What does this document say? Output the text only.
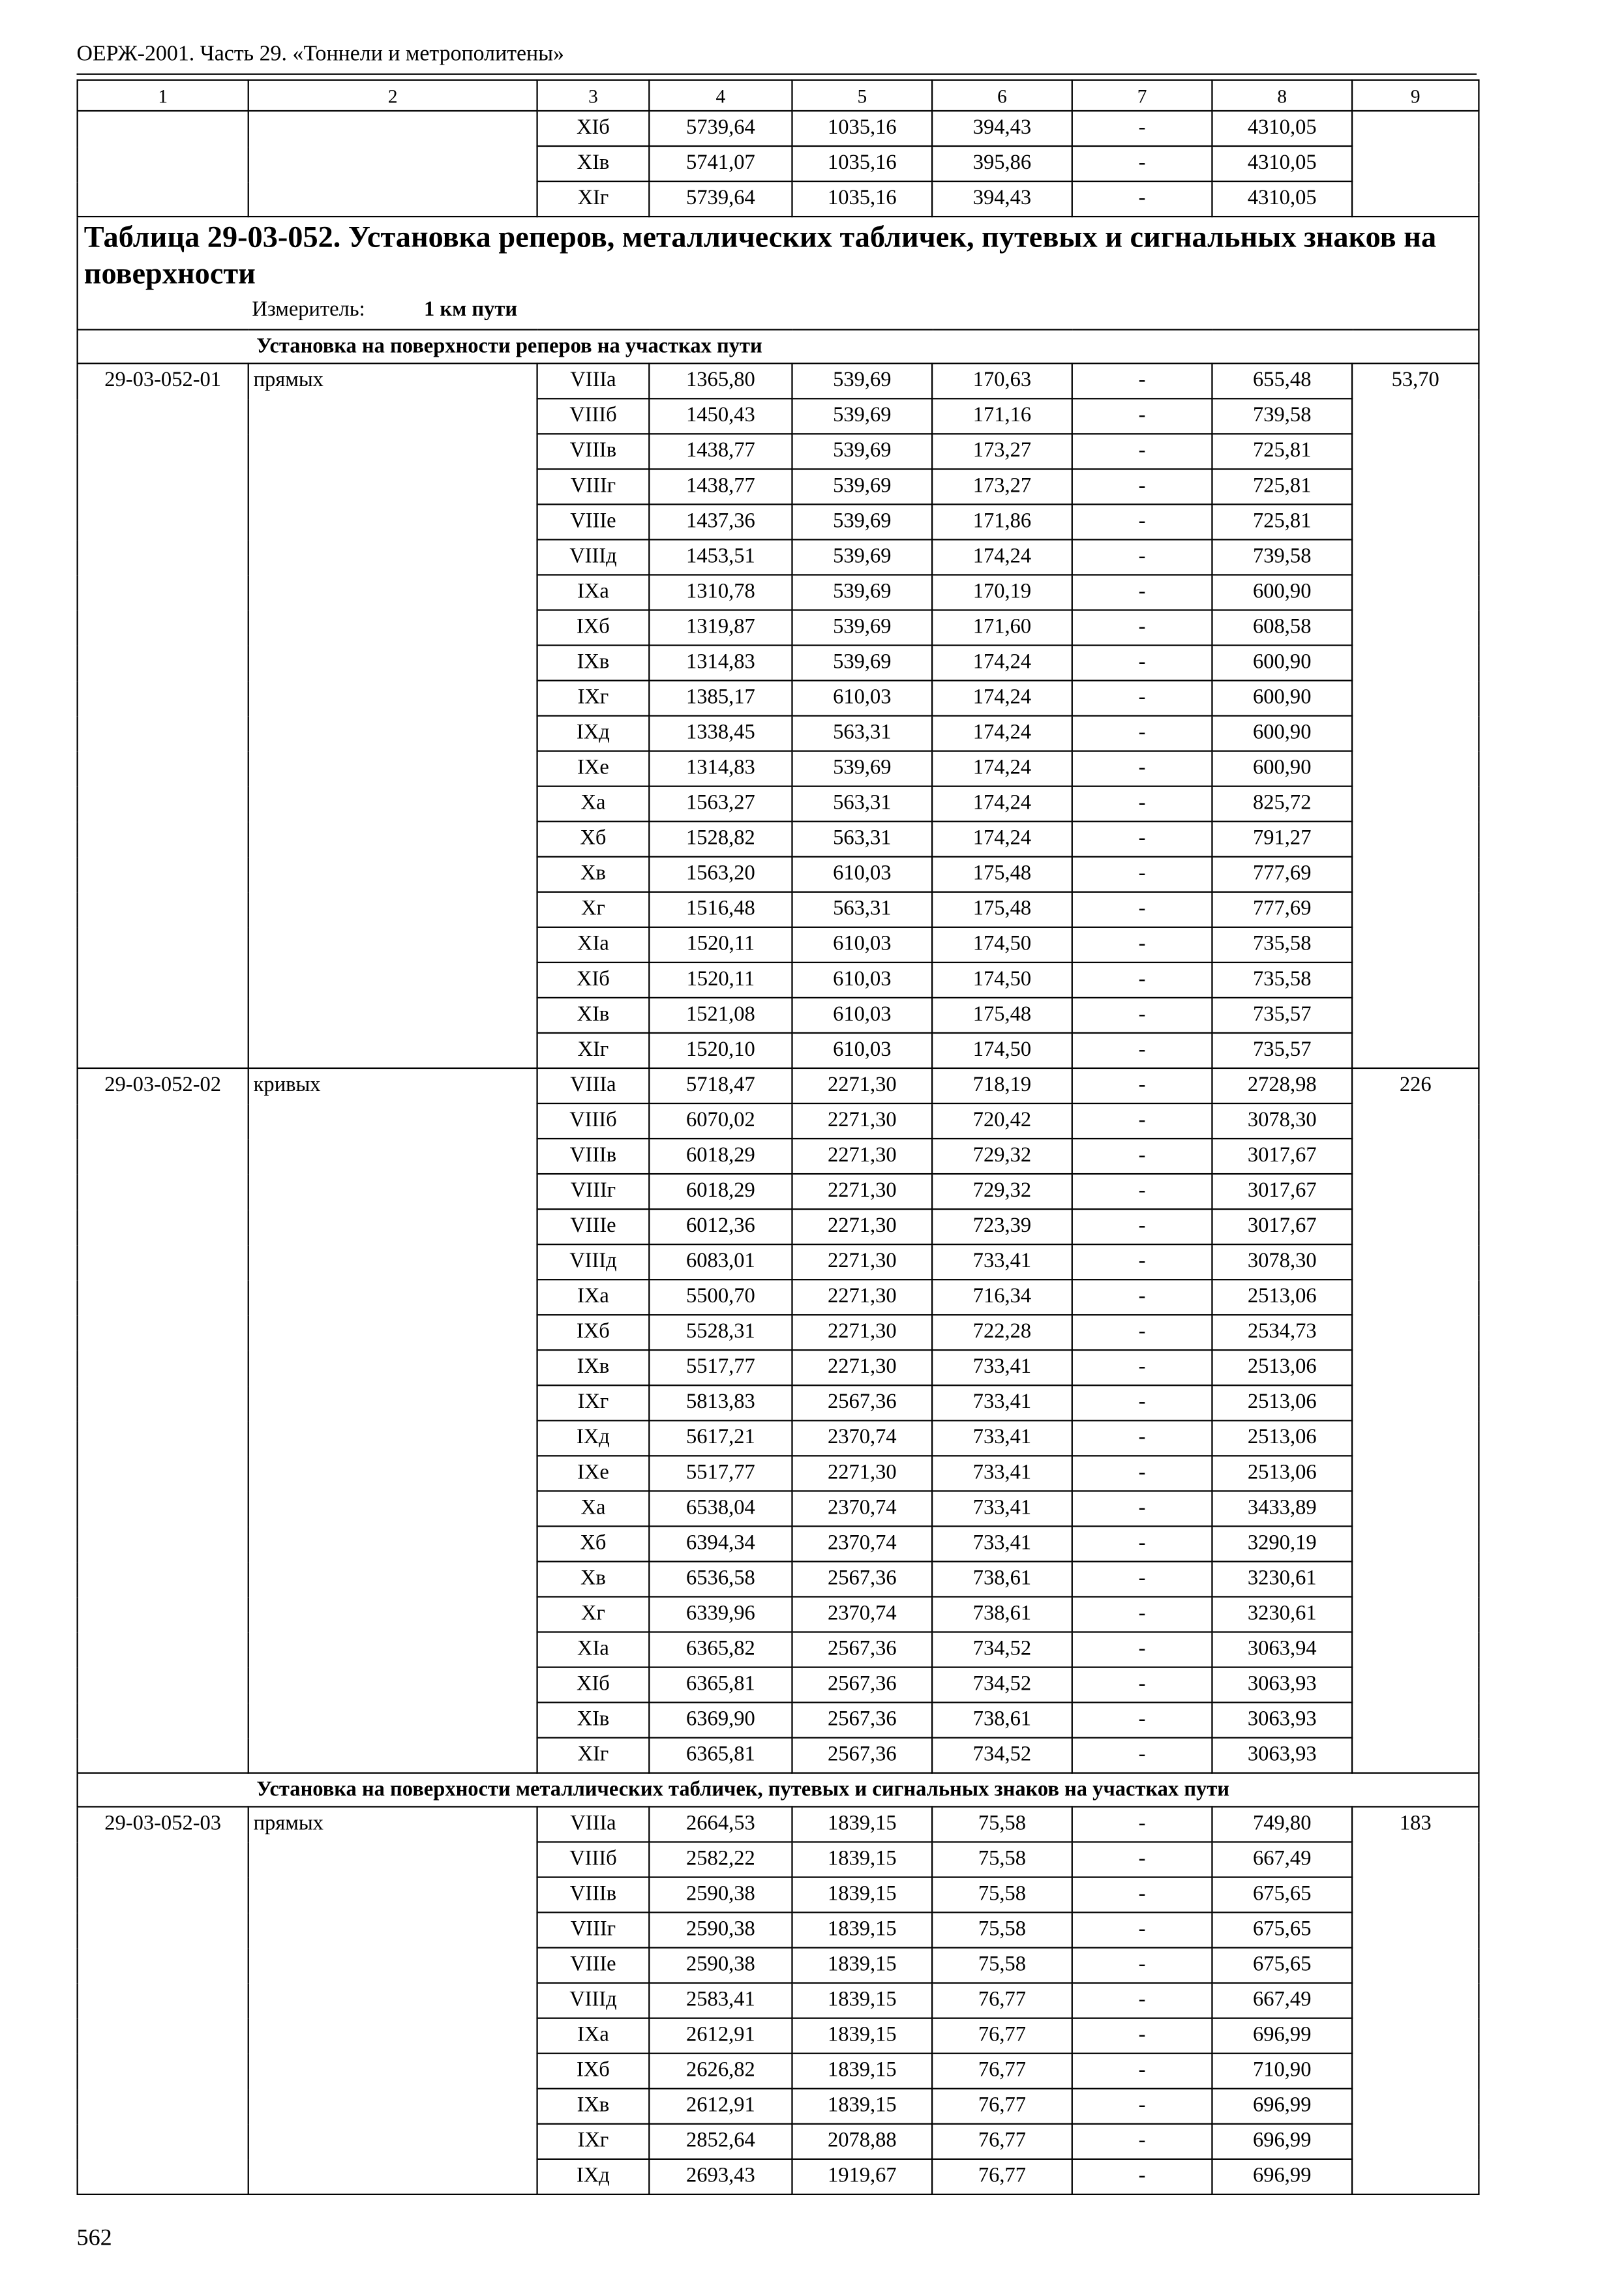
ОЕРЖ-2001. Часть 29. «Тоннели и метрополитены»
1	2	3	4	5	6	7	8	9
		XIб	5739,64	1035,16	394,43	-	4310,05	
		XIв	5741,07	1035,16	395,86	-	4310,05	
		XIг	5739,64	1035,16	394,43	-	4310,05	

Таблица 29-03-052. Установка реперов, металлических табличек, путевых и сигнальных знаков на поверхности
Измеритель: 1 км пути								

Установка на поверхности реперов на участках пути								
29-03-052-01	прямых	VIIIа	1365,80	539,69	170,63	-	655,48	53,70
		VIIIб	1450,43	539,69	171,16	-	739,58	
		VIIIв	1438,77	539,69	173,27	-	725,81	
		VIIIг	1438,77	539,69	173,27	-	725,81	
		VIIIе	1437,36	539,69	171,86	-	725,81	
		VIIIд	1453,51	539,69	174,24	-	739,58	
		IXа	1310,78	539,69	170,19	-	600,90	
		IXб	1319,87	539,69	171,60	-	608,58	
		IXв	1314,83	539,69	174,24	-	600,90	
		IXг	1385,17	610,03	174,24	-	600,90	
		IXд	1338,45	563,31	174,24	-	600,90	
		IXе	1314,83	539,69	174,24	-	600,90	
		Xа	1563,27	563,31	174,24	-	825,72	
		Xб	1528,82	563,31	174,24	-	791,27	
		Xв	1563,20	610,03	175,48	-	777,69	
		Xг	1516,48	563,31	175,48	-	777,69	
		XIа	1520,11	610,03	174,50	-	735,58	
		XIб	1520,11	610,03	174,50	-	735,58	
		XIв	1521,08	610,03	175,48	-	735,57	
		XIг	1520,10	610,03	174,50	-	735,57	
29-03-052-02	кривых	VIIIа	5718,47	2271,30	718,19	-	2728,98	226
		VIIIб	6070,02	2271,30	720,42	-	3078,30	
		VIIIв	6018,29	2271,30	729,32	-	3017,67	
		VIIIг	6018,29	2271,30	729,32	-	3017,67	
		VIIIе	6012,36	2271,30	723,39	-	3017,67	
		VIIIд	6083,01	2271,30	733,41	-	3078,30	
		IXа	5500,70	2271,30	716,34	-	2513,06	
		IXб	5528,31	2271,30	722,28	-	2534,73	
		IXв	5517,77	2271,30	733,41	-	2513,06	
		IXг	5813,83	2567,36	733,41	-	2513,06	
		IXд	5617,21	2370,74	733,41	-	2513,06	
		IXе	5517,77	2271,30	733,41	-	2513,06	
		Xа	6538,04	2370,74	733,41	-	3433,89	
		Xб	6394,34	2370,74	733,41	-	3290,19	
		Xв	6536,58	2567,36	738,61	-	3230,61	
		Xг	6339,96	2370,74	738,61	-	3230,61	
		XIа	6365,82	2567,36	734,52	-	3063,94	
		XIб	6365,81	2567,36	734,52	-	3063,93	
		XIв	6369,90	2567,36	738,61	-	3063,93	
		XIг	6365,81	2567,36	734,52	-	3063,93	
Установка на поверхности металлических табличек, путевых и сигнальных знаков на участках пути								
29-03-052-03	прямых	VIIIа	2664,53	1839,15	75,58	-	749,80	183
		VIIIб	2582,22	1839,15	75,58	-	667,49	
		VIIIв	2590,38	1839,15	75,58	-	675,65	
		VIIIг	2590,38	1839,15	75,58	-	675,65	
		VIIIе	2590,38	1839,15	75,58	-	675,65	
		VIIIд	2583,41	1839,15	76,77	-	667,49	
		IXа	2612,91	1839,15	76,77	-	696,99	
		IXб	2626,82	1839,15	76,77	-	710,90	
		IXв	2612,91	1839,15	76,77	-	696,99	
		IXг	2852,64	2078,88	76,77	-	696,99	
		IXд	2693,43	1919,67	76,77	-	696,99	
562
